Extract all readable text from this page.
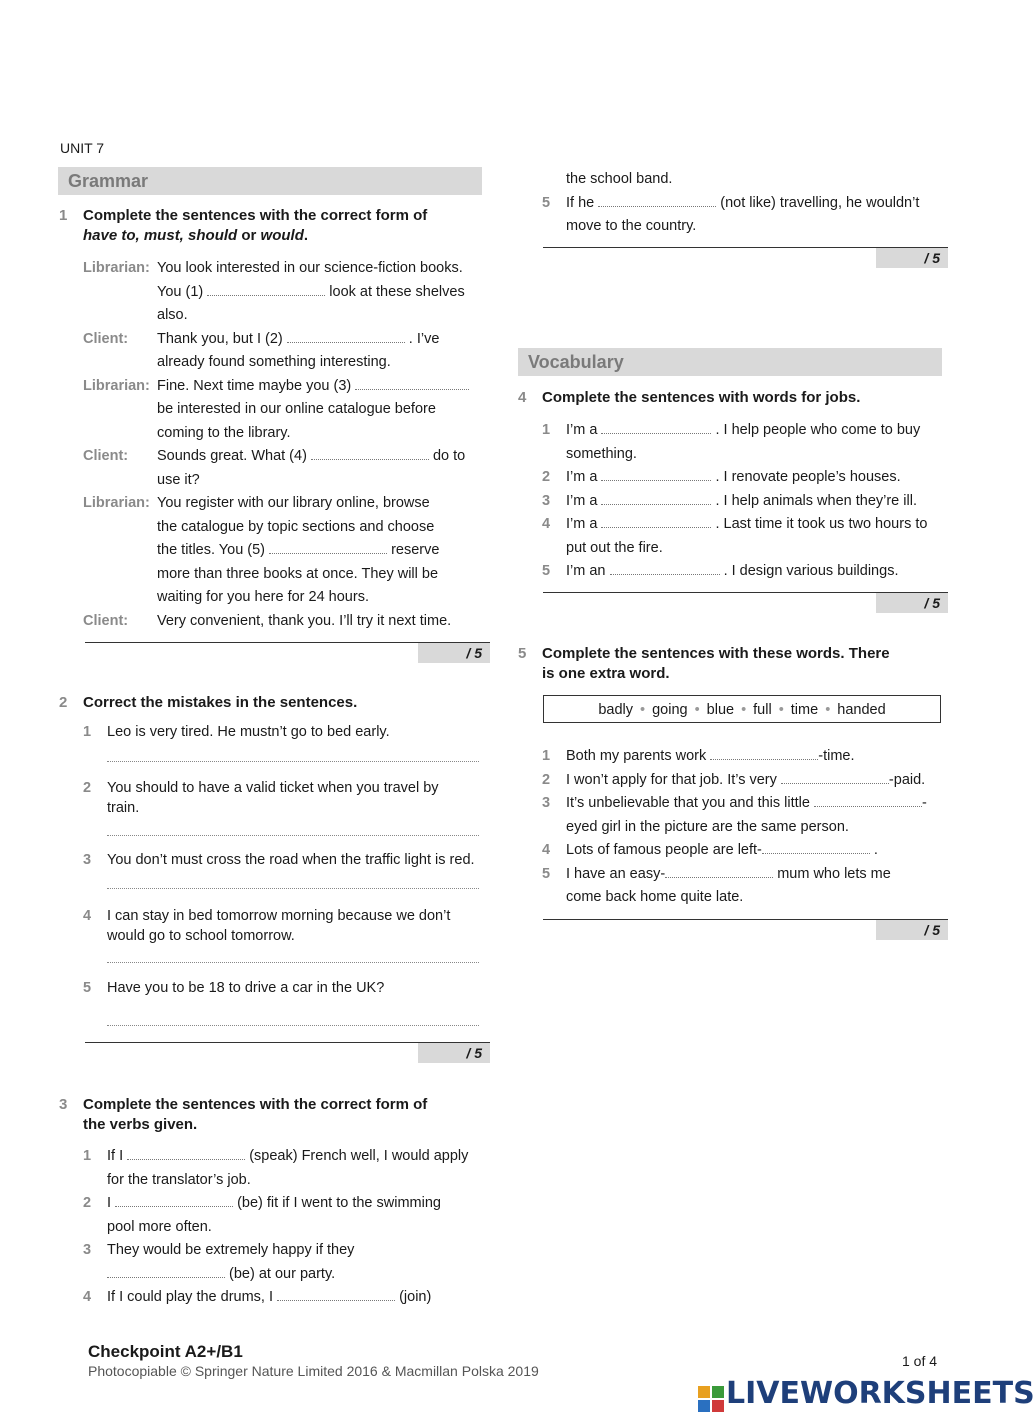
UNIT 7
Grammar
1 Complete the sentences with the correct form of
have to, must, should or would.
Librarian: You look interested in our science-fiction books.
You (1)	look at these shelves
also.
Client: Thank you, but I (2)	. I’ve
already found something interesting.
Librarian: Fine. Next time maybe you (3)
be interested in our online catalogue before
coming to the library.
Client: Sounds great. What (4)	do to
use it?
Librarian: You register with our library online, browse
the catalogue by topic sections and choose
the titles. You (5)	reserve
more than three books at once. They will be
waiting for you here for 24 hours.
Client: Very convenient, thank you. I’ll try it next time.
/ 5
2 Correct the mistakes in the sentences.
1 Leo is very tired. He mustn’t go to bed early.
2 You should to have a valid ticket when you travel by
train.
3 You don’t must cross the road when the traffic light is red.
4 I can stay in bed tomorrow morning because we don’t
would go to school tomorrow.
5 Have you to be 18 to drive a car in the UK?
/ 5
3 Complete the sentences with the correct form of
the verbs given.
1 If I	(speak) French well, I would apply
for the translator’s job.
2 I	(be) fit if I went to the swimming
pool more often.
3 They would be extremely happy if they
(be) at our party.
4 If I could play the drums, I	(join)
the school band.
5 If he	(not like) travelling, he wouldn’t
move to the country.
/ 5
Vocabulary
4 Complete the sentences with words for jobs.
1 I’m a	. I help people who come to buy
something.
2 I’m a	. I renovate people’s houses.
3 I’m a	. I help animals when they’re ill.
4 I’m a	. Last time it took us two hours to
put out the fire.
5 I’m an	. I design various buildings.
/ 5
5 Complete the sentences with these words. There
is one extra word.
badly • going • blue • full • time • handed
1 Both my parents work	-time.
2 I won’t apply for that job. It’s very	-paid.
3 It’s unbelievable that you and this little	-
eyed girl in the picture are the same person.
4 Lots of famous people are left-	.
5 I have an easy-	mum who lets me
come back home quite late.
/ 5
Checkpoint A2+/B1
Photocopiable © Springer Nature Limited 2016 & Macmillan Polska 2019
1 of 4
LIVEWORKSHEETS
